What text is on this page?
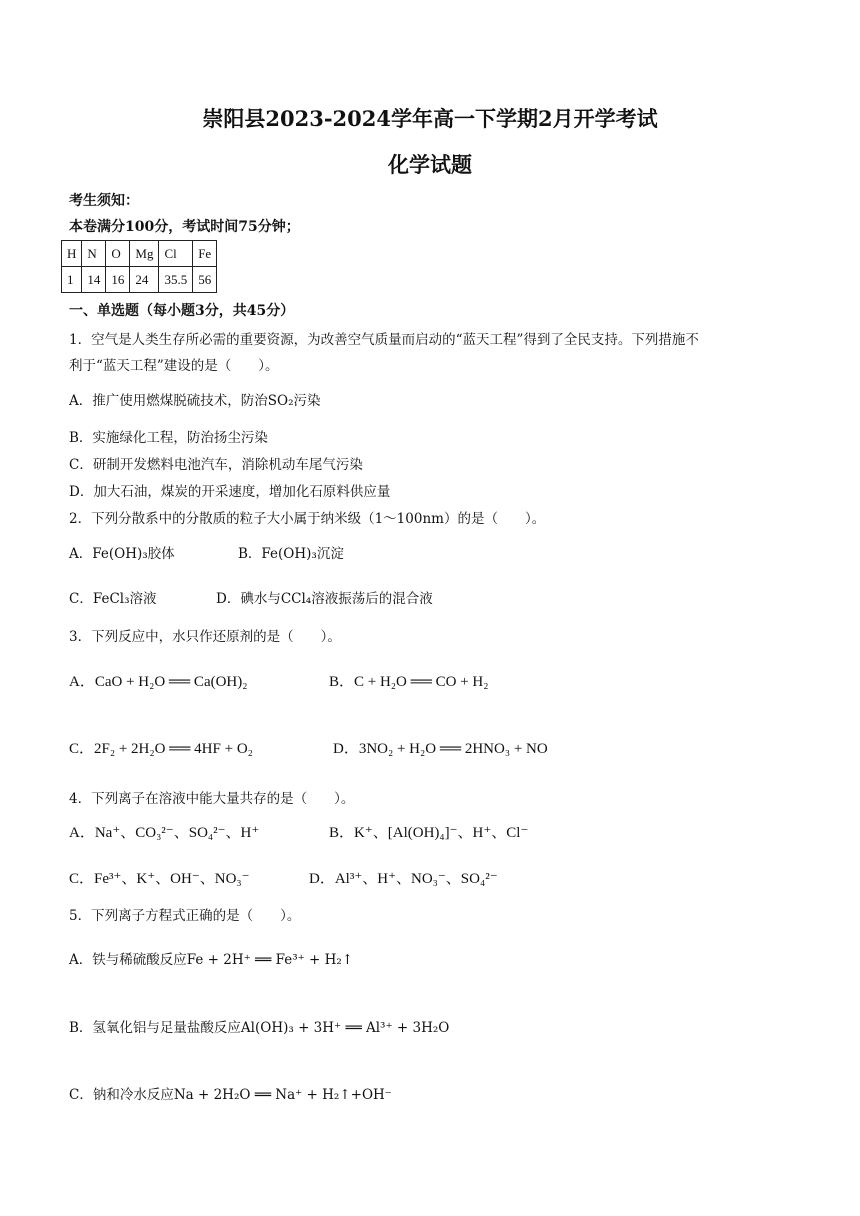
崇阳县2023-2024学年高一下学期2月开学考试
化学试题
考生须知：
本卷满分100分，考试时间75分钟；
H	N	O	Mg	Cl	Fe
1	14	16	24	35.5	56
一、单选题（每小题3分，共45分）
1．空气是人类生存所必需的重要资源，为改善空气质量而启动的“蓝天工程”得到了全民支持。下列措施不
利于“蓝天工程”建设的是（　　）。
A．推广使用燃煤脱硫技术，防治SO₂污染
B．实施绿化工程，防治扬尘污染
C．研制开发燃料电池汽车，消除机动车尾气污染
D．加大石油，煤炭的开采速度，增加化石原料供应量
2．下列分散系中的分散质的粒子大小属于纳米级（1～100nm）的是（　　）。
A．Fe(OH)₃胶体	B．Fe(OH)₃沉淀
C．FeCl₃溶液	D．碘水与CCl₄溶液振荡后的混合液
3．下列反应中，水只作还原剂的是（　　）。
A．CaO + H₂O ══ Ca(OH)₂	B．C + H₂O ══ CO + H₂
C．2F₂ + 2H₂O ══ 4HF + O₂	D．3NO₂ + H₂O ══ 2HNO₃ + NO
4．下列离子在溶液中能大量共存的是（　　）。
A．Na⁺、CO₃²⁻、SO₄²⁻、H⁺	B．K⁺、[Al(OH)₄]⁻、H⁺、Cl⁻
C．Fe³⁺、K⁺、OH⁻、NO₃⁻	D．Al³⁺、H⁺、NO₃⁻、SO₄²⁻
5．下列离子方程式正确的是（　　）。
A．铁与稀硫酸反应Fe + 2H⁺ ══ Fe³⁺ + H₂↑
B．氢氧化铝与足量盐酸反应Al(OH)₃ + 3H⁺ ══ Al³⁺ + 3H₂O
C．钠和冷水反应Na + 2H₂O ══ Na⁺ + H₂↑+OH⁻
